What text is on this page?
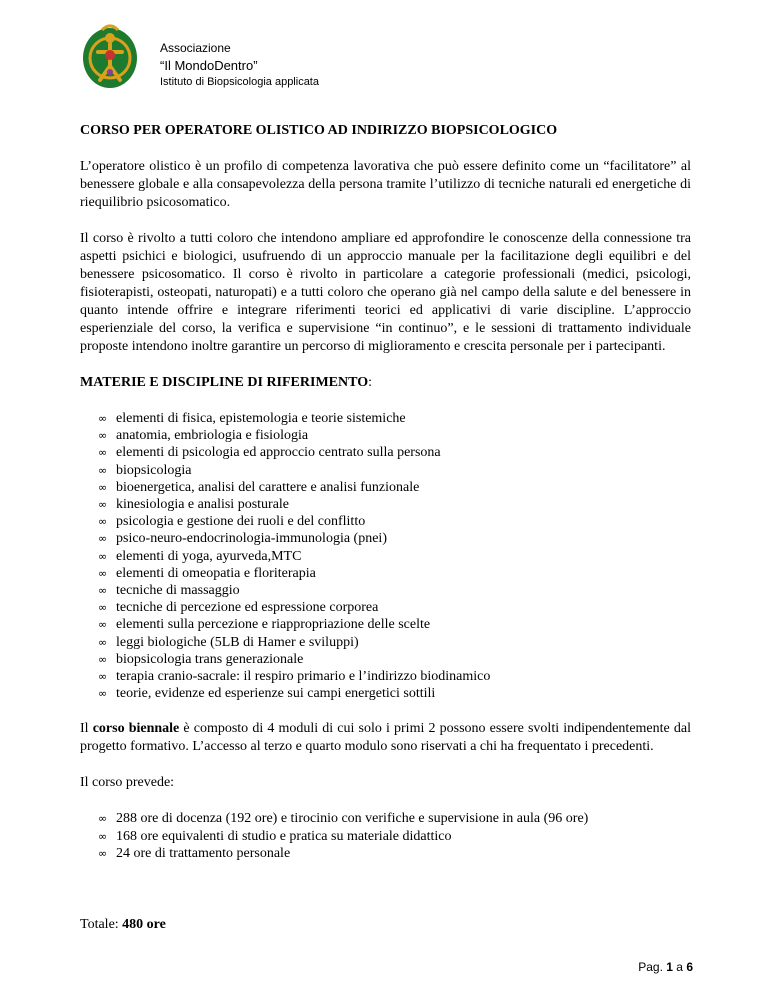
Associazione
“Il MondoDentro”
Istituto di Biopsicologia applicata
CORSO PER OPERATORE OLISTICO AD INDIRIZZO BIOPSICOLOGICO

L’operatore olistico è un profilo di competenza lavorativa che può essere definito come un “facilitatore” al benessere globale e alla consapevolezza della persona tramite l’utilizzo di tecniche naturali ed energetiche di riequilibrio psicosomatico.

Il corso è rivolto a tutti coloro che intendono ampliare ed approfondire le conoscenze della connessione tra aspetti psichici e biologici, usufruendo di un approccio manuale per la facilitazione degli equilibri e del benessere psicosomatico. Il corso è rivolto in particolare a categorie professionali (medici, psicologi, fisioterapisti, osteopati, naturopati) e a tutti coloro che operano già nel campo della salute e del benessere in quanto intende offrire e integrare riferimenti teorici ed applicativi di varie discipline. L’approccio esperienziale del corso, la verifica e supervisione “in continuo”, e le sessioni di trattamento individuale proposte intendono inoltre garantire un percorso di miglioramento e crescita personale per i partecipanti.

MATERIE E DISCIPLINE DI RIFERIMENTO:
∞ elementi di fisica, epistemologia e teorie sistemiche
∞ anatomia, embriologia e fisiologia
∞ elementi di psicologia ed approccio centrato sulla persona
∞ biopsicologia
∞ bioenergetica, analisi del carattere e analisi funzionale
∞ kinesiologia e analisi posturale
∞ psicologia e gestione dei ruoli e del conflitto
∞ psico-neuro-endocrinologia-immunologia (pnei)
∞ elementi di yoga, ayurveda,MTC
∞ elementi di omeopatia e floriterapia
∞ tecniche di massaggio
∞ tecniche di percezione ed espressione corporea
∞ elementi sulla percezione e riappropriazione delle scelte
∞ leggi biologiche (5LB di Hamer e sviluppi)
∞ biopsicologia trans generazionale
∞ terapia cranio-sacrale: il respiro primario e l’indirizzo biodinamico
∞ teorie, evidenze ed esperienze sui campi energetici sottili

Il corso biennale è composto di 4 moduli di cui solo i primi 2 possono essere svolti indipendentemente dal progetto formativo. L’accesso al terzo e quarto modulo sono riservati a chi ha frequentato i precedenti.

Il corso prevede:

∞ 288 ore di docenza (192 ore) e tirocinio con verifiche e supervisione in aula (96 ore)
∞ 168 ore equivalenti di studio e pratica su materiale didattico
∞ 24 ore di trattamento personale

Totale: 480 ore

Pag. 1 a 6
